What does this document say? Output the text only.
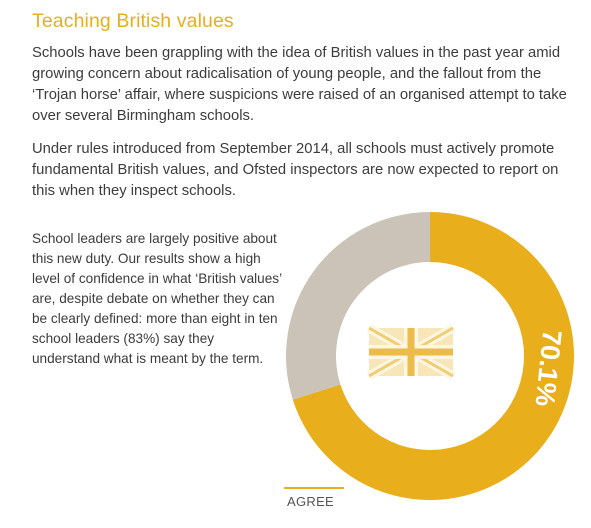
Teaching British values

Schools have been grappling with the idea of British values in the past year amid growing concern about radicalisation of young people, and the fallout from the ‘Trojan horse’ affair, where suspicions were raised of an organised attempt to take over several Birmingham schools.

Under rules introduced from September 2014, all schools must actively promote fundamental British values, and Ofsted inspectors are now expected to report on this when they inspect schools.

School leaders are largely positive about this new duty. Our results show a high level of confidence in what ‘British values’ are, despite debate on whether they can be clearly defined: more than eight in ten school leaders (83%) say they understand what is meant by the term.	70.1%
AGREE
